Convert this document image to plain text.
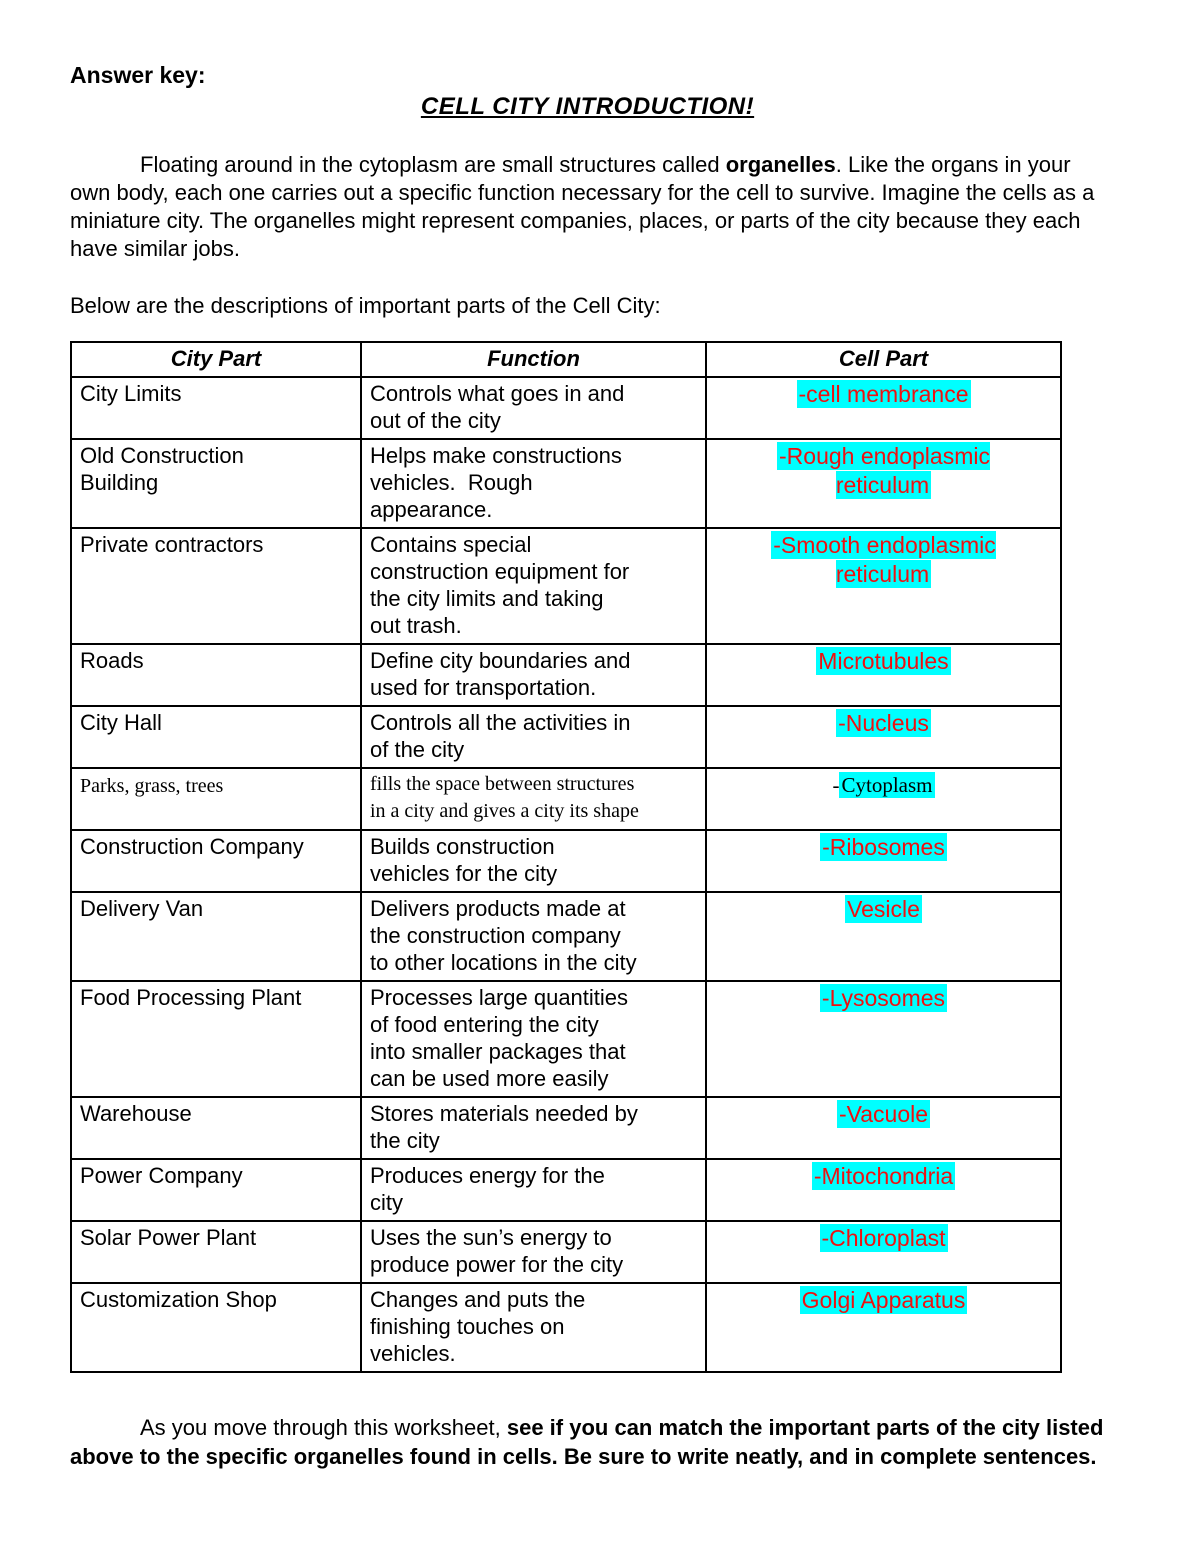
Answer key:

CELL CITY INTRODUCTION!

Floating around in the cytoplasm are small structures called organelles. Like the organs in your own body, each one carries out a specific function necessary for the cell to survive. Imagine the cells as a miniature city. The organelles might represent companies, places, or parts of the city because they each have similar jobs.

Below are the descriptions of important parts of the Cell City:

City Part	Function	Cell Part
City Limits	Controls what goes in and out of the city	-cell membrance
Old Construction Building	Helps make constructions vehicles.  Rough appearance.	-Rough endoplasmic reticulum
Private contractors	Contains special construction equipment for the city limits and taking out trash.	-Smooth endoplasmic reticulum
Roads	Define city boundaries and used for transportation.	Microtubules
City Hall	Controls all the activities in of the city	-Nucleus
Parks, grass, trees	fills the space between structures in a city and gives a city its shape	-Cytoplasm
Construction Company	Builds construction vehicles for the city	-Ribosomes
Delivery Van	Delivers products made at the construction company to other locations in the city	Vesicle
Food Processing Plant	Processes large quantities of food entering the city into smaller packages that can be used more easily	-Lysosomes
Warehouse	Stores materials needed by the city	-Vacuole
Power Company	Produces energy for the city	-Mitochondria
Solar Power Plant	Uses the sun’s energy to produce power for the city	-Chloroplast
Customization Shop	Changes and puts the finishing touches on vehicles.	Golgi Apparatus

As you move through this worksheet, see if you can match the important parts of the city listed above to the specific organelles found in cells. Be sure to write neatly, and in complete sentences.
